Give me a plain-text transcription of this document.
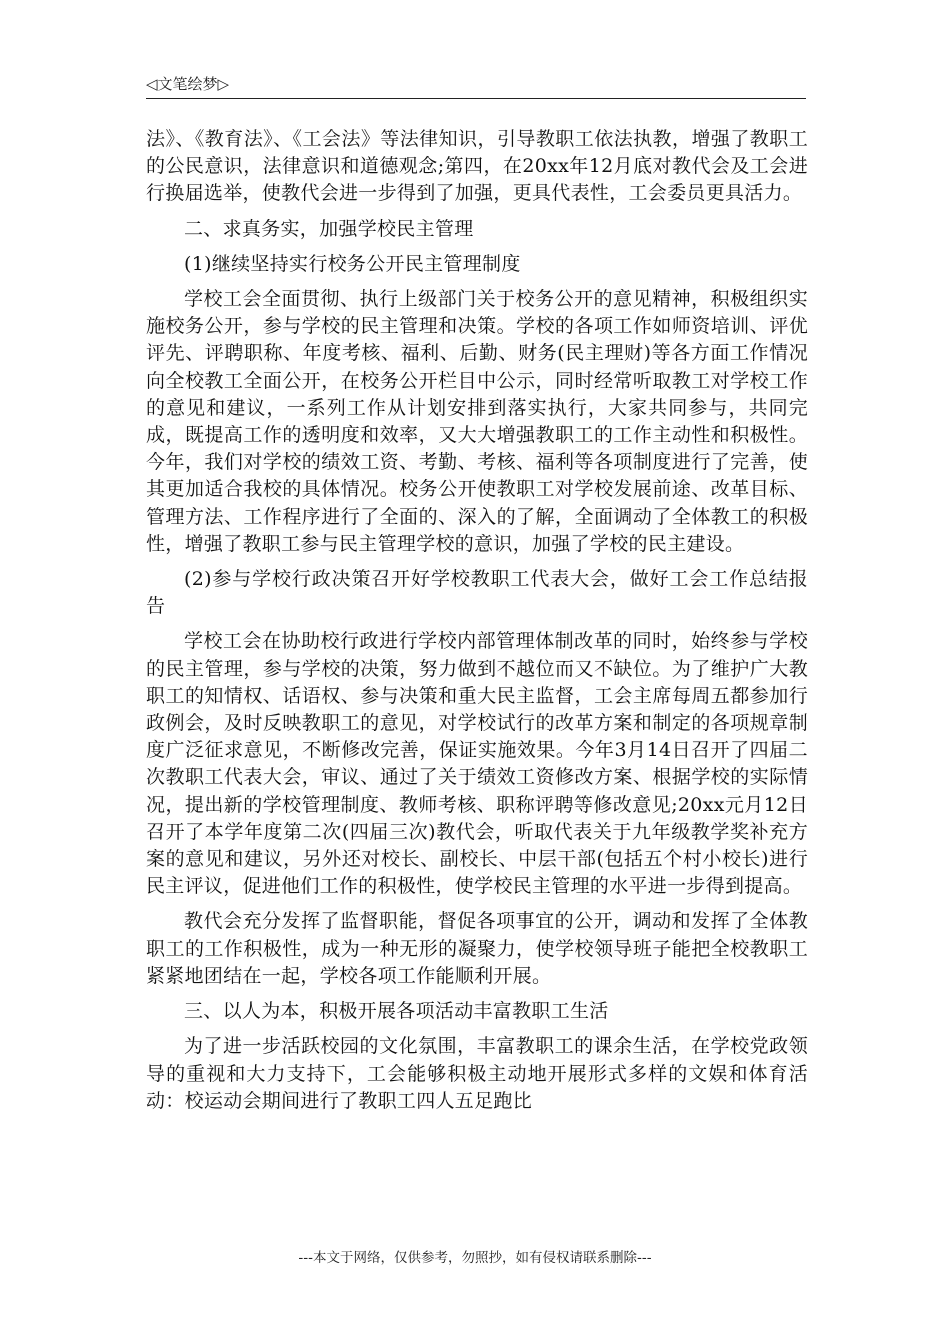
◁文笔绘梦▷

法》、《教育法》、《工会法》等法律知识，引导教职工依法执教，增强了教职工的公民意识，法律意识和道德观念;第四，在20xx年12月底对教代会及工会进行换届选举，使教代会进一步得到了加强，更具代表性，工会委员更具活力。

二、求真务实，加强学校民主管理

(1)继续坚持实行校务公开民主管理制度

学校工会全面贯彻、执行上级部门关于校务公开的意见精神，积极组织实施校务公开，参与学校的民主管理和决策。学校的各项工作如师资培训、评优评先、评聘职称、年度考核、福利、后勤、财务(民主理财)等各方面工作情况向全校教工全面公开，在校务公开栏目中公示，同时经常听取教工对学校工作的意见和建议，一系列工作从计划安排到落实执行，大家共同参与，共同完成，既提高工作的透明度和效率，又大大增强教职工的工作主动性和积极性。今年，我们对学校的绩效工资、考勤、考核、福利等各项制度进行了完善，使其更加适合我校的具体情况。校务公开使教职工对学校发展前途、改革目标、管理方法、工作程序进行了全面的、深入的了解，全面调动了全体教工的积极性，增强了教职工参与民主管理学校的意识，加强了学校的民主建设。

(2)参与学校行政决策召开好学校教职工代表大会，做好工会工作总结报告

学校工会在协助校行政进行学校内部管理体制改革的同时，始终参与学校的民主管理，参与学校的决策，努力做到不越位而又不缺位。为了维护广大教职工的知情权、话语权、参与决策和重大民主监督，工会主席每周五都参加行政例会，及时反映教职工的意见，对学校试行的改革方案和制定的各项规章制度广泛征求意见，不断修改完善，保证实施效果。今年3月14日召开了四届二次教职工代表大会，审议、通过了关于绩效工资修改方案、根据学校的实际情况，提出新的学校管理制度、教师考核、职称评聘等修改意见;20xx元月12日召开了本学年度第二次(四届三次)教代会，听取代表关于九年级教学奖补充方案的意见和建议，另外还对校长、副校长、中层干部(包括五个村小校长)进行民主评议，促进他们工作的积极性，使学校民主管理的水平进一步得到提高。

教代会充分发挥了监督职能，督促各项事宜的公开，调动和发挥了全体教职工的工作积极性，成为一种无形的凝聚力，使学校领导班子能把全校教职工紧紧地团结在一起，学校各项工作能顺利开展。

三、以人为本，积极开展各项活动丰富教职工生活

为了进一步活跃校园的文化氛围，丰富教职工的课余生活，在学校党政领导的重视和大力支持下，工会能够积极主动地开展形式多样的文娱和体育活动：校运动会期间进行了教职工四人五足跑比

---本文于网络，仅供参考，勿照抄，如有侵权请联系删除---
